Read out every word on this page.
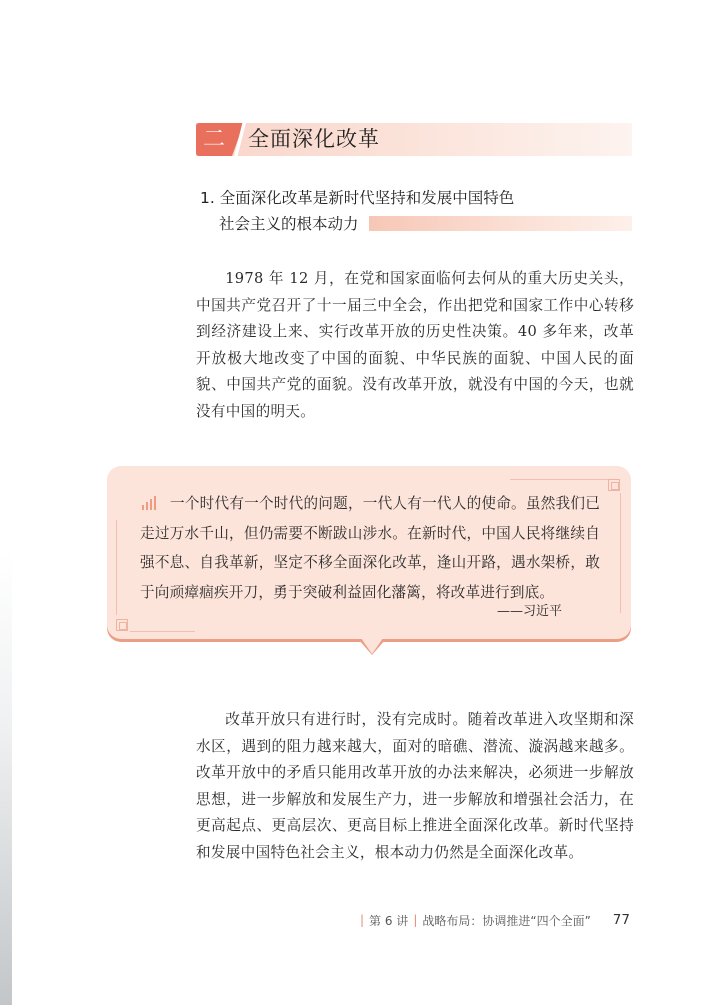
二 全面深化改革
1. 全面深化改革是新时代坚持和发展中国特色
社会主义的根本动力

1978 年 12 月，在党和国家面临何去何从的重大历史关头，中国共产党召开了十一届三中全会，作出把党和国家工作中心转移到经济建设上来、实行改革开放的历史性决策。40 多年来，改革开放极大地改变了中国的面貌、中华民族的面貌、中国人民的面貌、中国共产党的面貌。没有改革开放，就没有中国的今天，也就没有中国的明天。

一个时代有一个时代的问题，一代人有一代人的使命。虽然我们已走过万水千山，但仍需要不断跋山涉水。在新时代，中国人民将继续自强不息、自我革新，坚定不移全面深化改革，逢山开路，遇水架桥，敢于向顽瘴痼疾开刀，勇于突破利益固化藩篱，将改革进行到底。

——习近平

改革开放只有进行时，没有完成时。随着改革进入攻坚期和深水区，遇到的阻力越来越大，面对的暗礁、潜流、漩涡越来越多。改革开放中的矛盾只能用改革开放的办法来解决，必须进一步解放思想，进一步解放和发展生产力，进一步解放和增强社会活力，在更高起点、更高层次、更高目标上推进全面深化改革。新时代坚持和发展中国特色社会主义，根本动力仍然是全面深化改革。

| 第 6 讲 | 战略布局：协调推进“四个全面” 77
